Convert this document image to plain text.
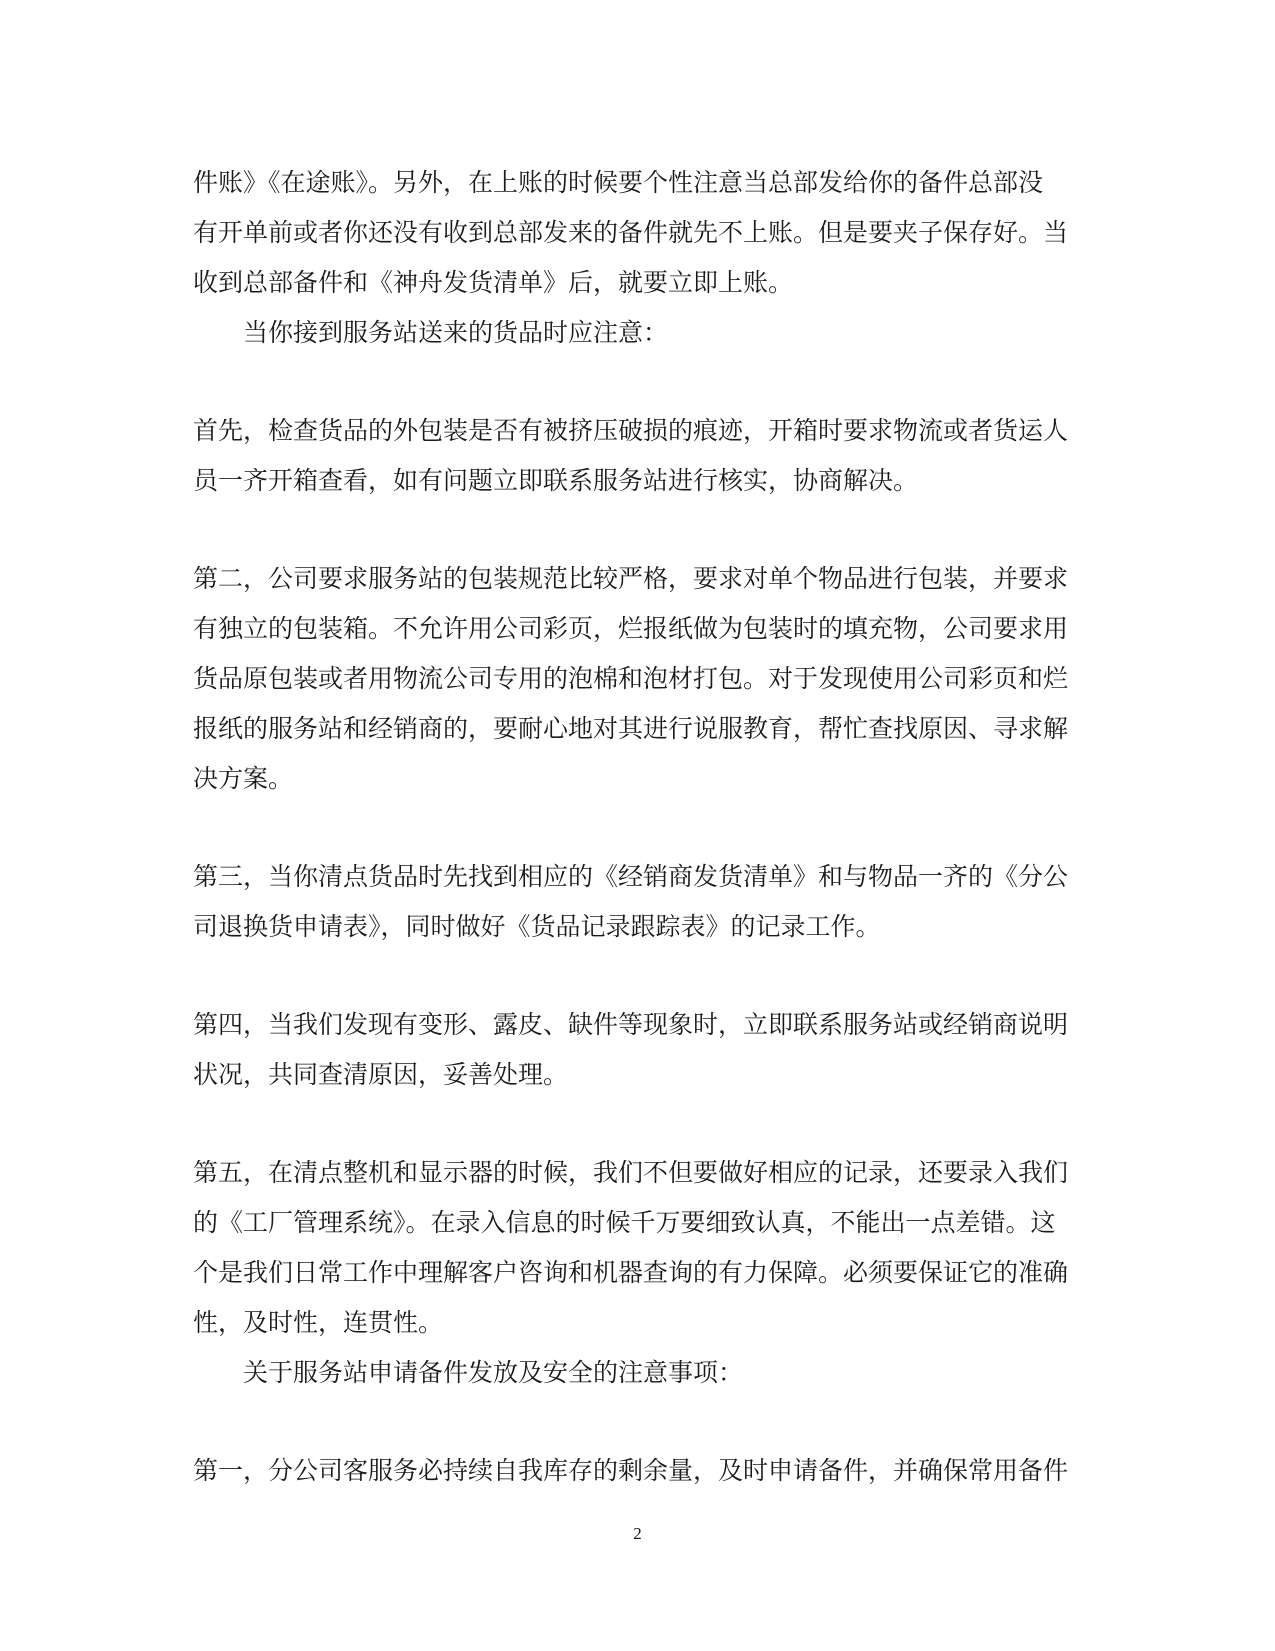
件账》《在途账》。另外，在上账的时候要个性注意当总部发给你的备件总部没
有开单前或者你还没有收到总部发来的备件就先不上账。但是要夹子保存好。当
收到总部备件和《神舟发货清单》后，就要立即上账。
当你接到服务站送来的货品时应注意：
首先，检查货品的外包装是否有被挤压破损的痕迹，开箱时要求物流或者货运人
员一齐开箱查看，如有问题立即联系服务站进行核实，协商解决。
第二，公司要求服务站的包装规范比较严格，要求对单个物品进行包装，并要求
有独立的包装箱。不允许用公司彩页，烂报纸做为包装时的填充物，公司要求用
货品原包装或者用物流公司专用的泡棉和泡材打包。对于发现使用公司彩页和烂
报纸的服务站和经销商的，要耐心地对其进行说服教育，帮忙查找原因、寻求解
决方案。
第三，当你清点货品时先找到相应的《经销商发货清单》和与物品一齐的《分公
司退换货申请表》，同时做好《货品记录跟踪表》的记录工作。
第四，当我们发现有变形、露皮、缺件等现象时，立即联系服务站或经销商说明
状况，共同查清原因，妥善处理。
第五，在清点整机和显示器的时候，我们不但要做好相应的记录，还要录入我们
的《工厂管理系统》。在录入信息的时候千万要细致认真，不能出一点差错。这
个是我们日常工作中理解客户咨询和机器查询的有力保障。必须要保证它的准确
性，及时性，连贯性。
关于服务站申请备件发放及安全的注意事项：
第一，分公司客服务必持续自我库存的剩余量，及时申请备件，并确保常用备件
2
